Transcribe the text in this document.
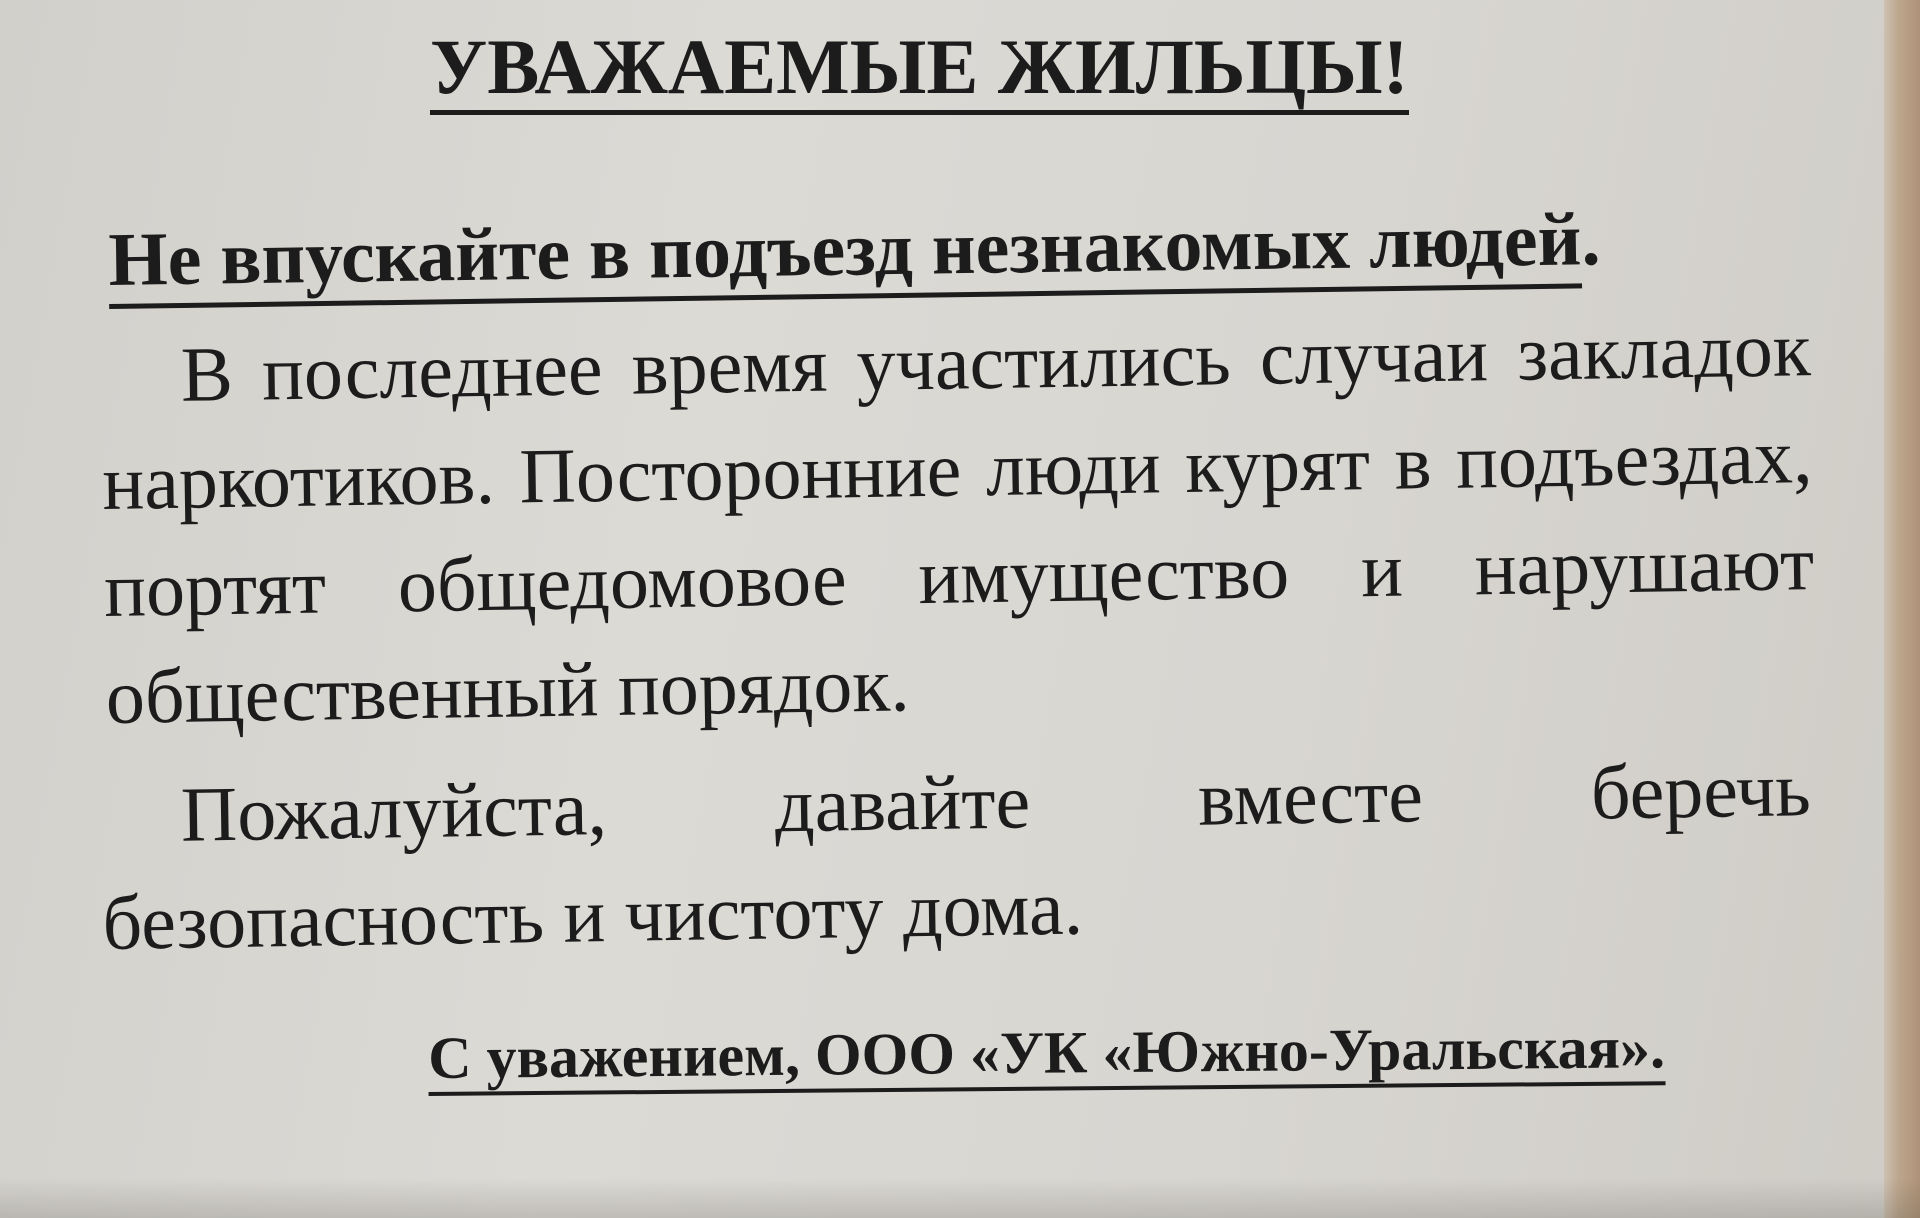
УВАЖАЕМЫЕ ЖИЛЬЦЫ!
Не впускайте в подъезд незнакомых людей.

В последнее время участились случаи закладок наркотиков. Посторонние люди курят в подъездах, портят общедомовое имущество и нарушают общественный порядок.

Пожалуйста, давайте вместе беречь безопасность и чистоту дома.

С уважением, ООО «УК «Южно-Уральская».
